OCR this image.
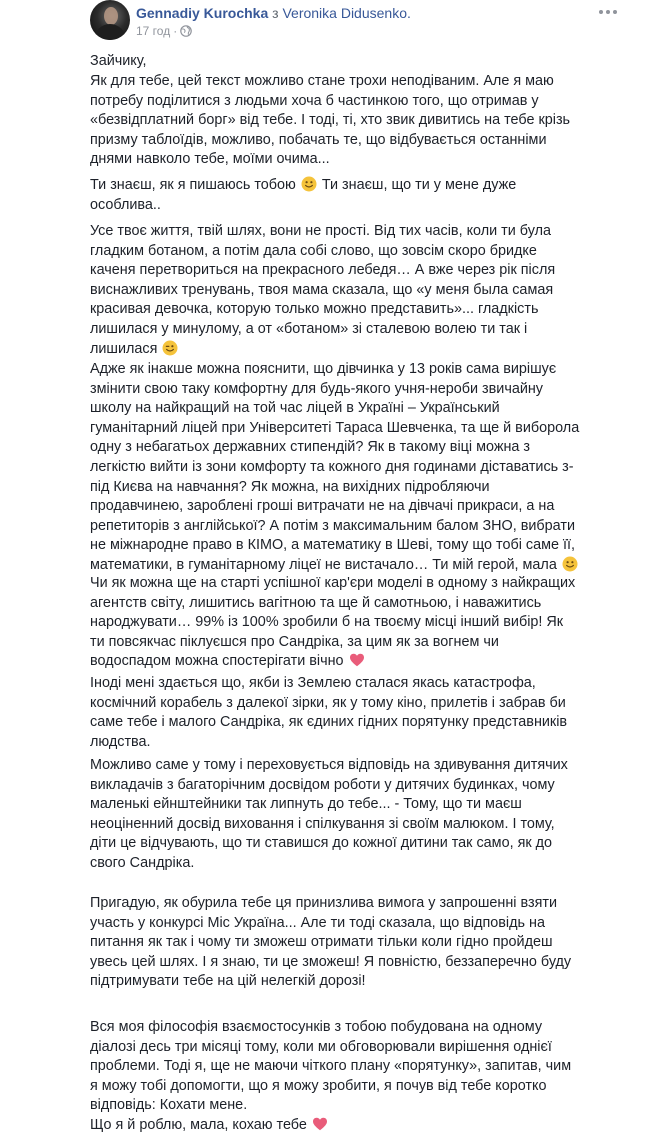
Gennadiy Kurochka з Veronika Didusenko.
17 год ·

Зайчику,

Як для тебе, цей текст можливо стане трохи неподіваним. Але я маю
потребу поділитися з людьми хоча б частинкою того, що отримав у
«безвідплатний борг» від тебе. І тоді, ті, хто звик дивитись на тебе крізь
призму таблоїдів, можливо, побачать те, що відбувається останніми
днями навколо тебе, моїми очима...

Ти знаєш, як я пишаюсь тобою Ти знаєш, що ти у мене дуже
особлива..

Усе твоє життя, твій шлях, вони не прості. Від тих часів, коли ти була
гладким ботаном, а потім дала собі слово, що зовсім скоро бридке
каченя перетвориться на прекрасного лебедя… А вже через рік після
виснажливих тренувань, твоя мама сказала, що «у меня была самая
красивая девочка, которую только можно представить»... гладкість
лишилася у минулому, а от «ботаном» зі сталевою волею ти так і
лишилася

Адже як інакше можна пояснити, що дівчинка у 13 років сама вирішує
змінити свою таку комфортну для будь-якого учня-нероби звичайну
школу на найкращий на той час ліцей в Україні – Український
гуманітарний ліцей при Університеті Тараса Шевченка, та ще й виборола
одну з небагатьох державних стипендій? Як в такому віці можна з
легкістю вийти із зони комфорту та кожного дня годинами діставатись з-
під Києва на навчання? Як можна, на вихідних підробляючи
продавчинею, зароблені гроші витрачати не на дівчачі прикраси, а на
репетиторів з англійської? А потім з максимальним балом ЗНО, вибрати
не міжнародне право в КІМО, а математику в Шеві, тому що тобі саме її,
математики, в гуманітарному ліцеї не вистачало… Ти мій герой, мала

Чи як можна ще на старті успішної кар'єри моделі в одному з найкращих
агентств світу, лишитись вагітною та ще й самотньою, і наважитись
народжувати… 99% із 100% зробили б на твоєму місці інший вибір! Як
ти повсякчас піклуєшся про Сандріка, за цим як за вогнем чи
водоспадом можна спостерігати вічно

Іноді мені здається що, якби із Землею сталася якась катастрофа,
космічний корабель з далекої зірки, як у тому кіно, прилетів і забрав би
саме тебе і малого Сандріка, як єдиних гідних порятунку представників
людства.

Можливо саме у тому і переховується відповідь на здивування дитячих
викладачів з багаторічним досвідом роботи у дитячих будинках, чому
маленькі ейнштейники так липнуть до тебе... - Тому, що ти маєш
неоціненний досвід виховання і спілкування зі своїм малюком. І тому,
діти це відчувають, що ти ставишся до кожної дитини так само, як до
свого Сандріка.

Пригадую, як обурила тебе ця принизлива вимога у запрошенні взяти
участь у конкурсі Міс Україна... Але ти тоді сказала, що відповідь на
питання як так і чому ти зможеш отримати тільки коли гідно пройдеш
увесь цей шлях. І я знаю, ти це зможеш! Я повністю, беззаперечно буду
підтримувати тебе на цій нелегкій дорозі!

Вся моя філософія взаємостосунків з тобою побудована на одному
діалозі десь три місяці тому, коли ми обговорювали вирішення однієї
проблеми. Тоді я, ще не маючи чіткого плану «порятунку», запитав, чим
я можу тобі допомогти, що я можу зробити, я почув від тебе коротко
відповідь: Кохати мене.

Що я й роблю, мала, кохаю тебе
